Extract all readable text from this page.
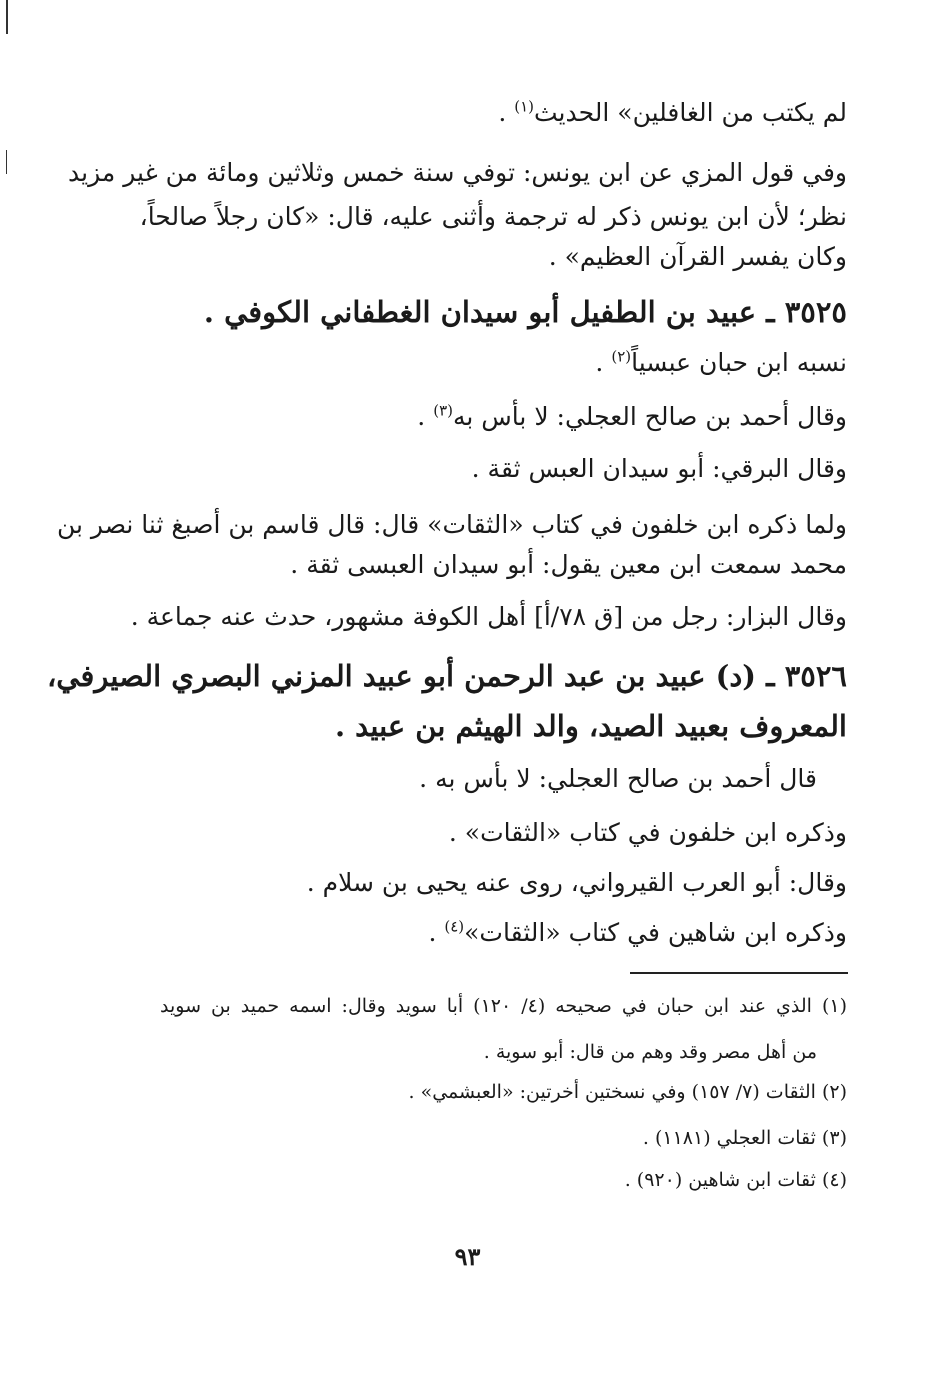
لم يكتب من الغافلين» الحديث$^{(١)}$ .
وفي قول المزي عن ابن يونس: توفي سنة خمس وثلاثين ومائة من غير مزيد
نظر؛ لأن ابن يونس ذكر له ترجمة وأثنى عليه، قال: «كان رجلاً صالحاً،
وكان يفسر القرآن العظيم» .
٣٥٢٥ ـ عبيد بن الطفيل أبو سيدان الغطفاني الكوفي .
نسبه ابن حبان عبسياً$^{(٢)}$ .
وقال أحمد بن صالح العجلي: لا بأس به$^{(٣)}$ .
وقال البرقي: أبو سيدان العبس ثقة .
ولما ذكره ابن خلفون في كتاب «الثقات» قال: قال قاسم بن أصبغ ثنا نصر بن
محمد سمعت ابن معين يقول: أبو سيدان العبسى ثقة .
وقال البزار: رجل من [ق ٧٨/أ] أهل الكوفة مشهور، حدث عنه جماعة .
٣٥٢٦ ـ (د) عبيد بن عبد الرحمن أبو عبيد المزني البصري الصيرفي،
المعروف بعبيد الصيد، والد الهيثم بن عبيد .
قال أحمد بن صالح العجلي: لا بأس به .
وذكره ابن خلفون في كتاب «الثقات» .
وقال: أبو العرب القيرواني، روى عنه يحيى بن سلام .
وذكره ابن شاهين في كتاب «الثقات»$^{(٤)}$ .
(١) الذي عند ابن حبان في صحيحه (٤/ ١٢٠) أبا سويد وقال: اسمه حميد بن سويد
من أهل مصر وقد وهم من قال: أبو سوية .
(٢) الثقات (٧/ ١٥٧) وفي نسختين أخرتين: «العبشمي» .
(٣) ثقات العجلي (١١٨١) .
(٤) ثقات ابن شاهين (٩٢٠) .
٩٣
